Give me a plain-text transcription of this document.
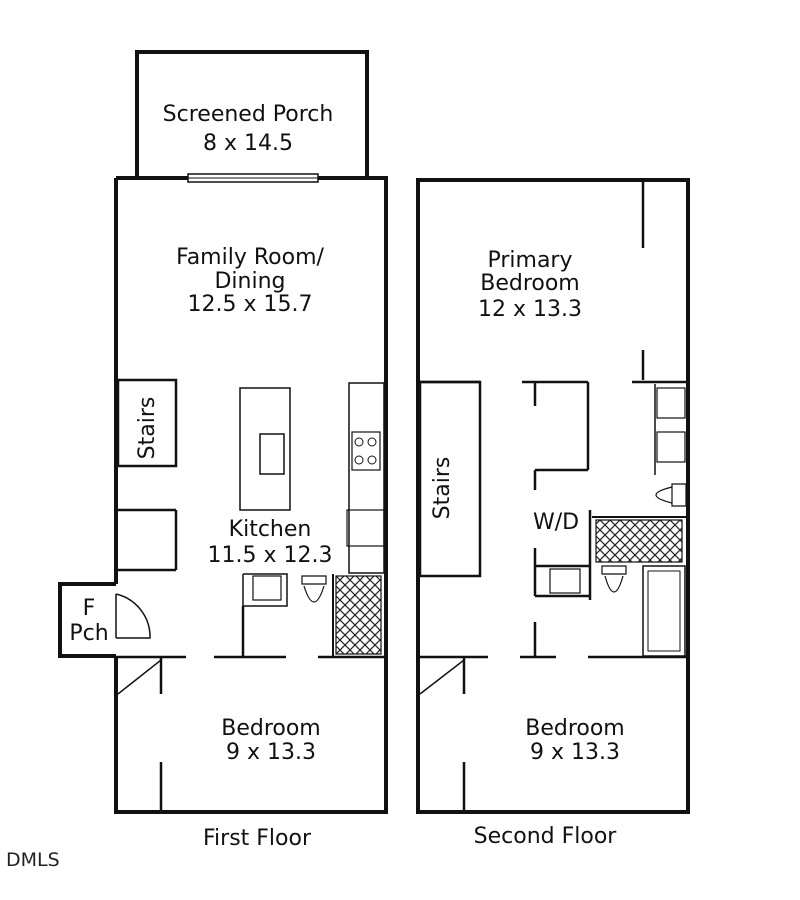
Screened Porch
8 x 14.5
Family Room/
Dining
12.5 x 15.7
Kitchen
11.5 x 12.3
Stairs
F
Pch
Bedroom
9 x 13.3
First Floor
Primary
Bedroom
12 x 13.3
Stairs
W/D
Bedroom
9 x 13.3
Second Floor
DMLS
